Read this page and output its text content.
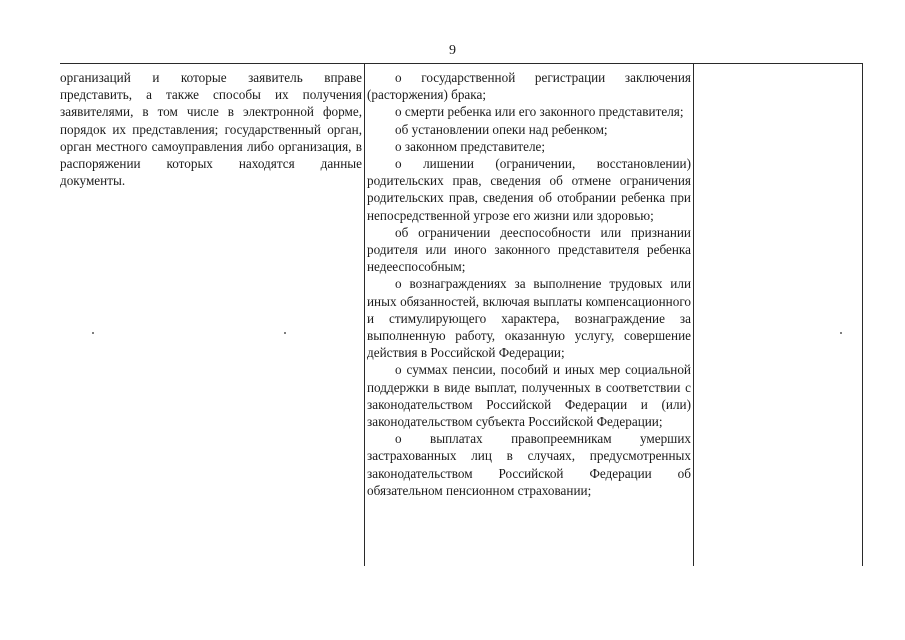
9

организаций и которые заявитель вправе представить, а также способы их получения заявителями, в том числе в электронной форме, порядок их представления; государственный орган, орган местного самоуправления либо организация, в распоряжении которых находятся данные документы.

о государственной регистрации заключения (расторжения) брака;

о смерти ребенка или его законного представителя;

об установлении опеки над ребенком;

о законном представителе;

о лишении (ограничении, восстановлении) родительских прав, сведения об отмене ограничения родительских прав, сведения об отобрании ребенка при непосредственной угрозе его жизни или здоровью;

об ограничении дееспособности или признании родителя или иного законного представителя ребенка недееспособным;

о вознаграждениях за выполнение трудовых или иных обязанностей, включая выплаты компенсационного и стимулирующего характера, вознаграждение за выполненную работу, оказанную услугу, совершение действия в Российской Федерации;

о суммах пенсии, пособий и иных мер социальной поддержки в виде выплат, полученных в соответствии с законодательством Российской Федерации и (или) законодательством субъекта Российской Федерации;

о выплатах правопреемникам умерших застрахованных лиц в случаях, предусмотренных законодательством Российской Федерации об обязательном пенсионном страховании;
